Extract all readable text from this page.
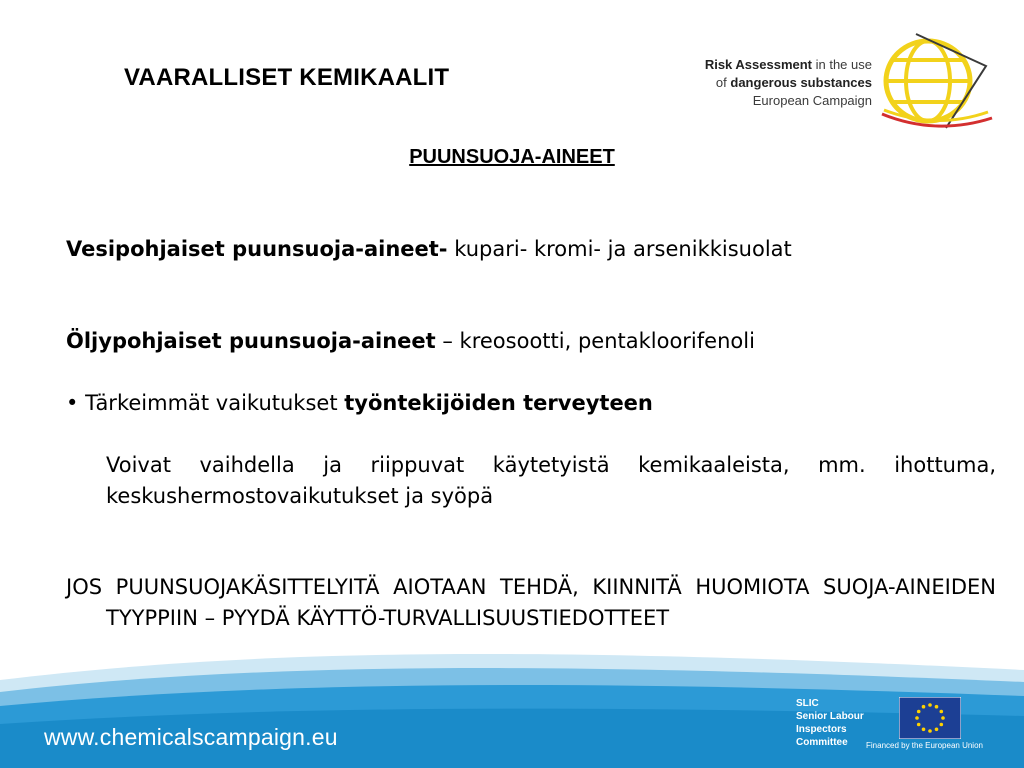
VAARALLISET KEMIKAALIT	Risk Assessment in the use
of dangerous substances
European Campaign
PUUNSUOJA-AINEET
Vesipohjaiset puunsuoja-aineet- kupari- kromi- ja arsenikkisuolat
Öljypohjaiset puunsuoja-aineet – kreosootti, pentakloorifenoli
• Tärkeimmät vaikutukset työntekijöiden terveyteen
Voivat vaihdella ja riippuvat käytetyistä kemikaaleista, mm. ihottuma, keskushermostovaikutukset ja syöpä
JOS PUUNSUOJAKÄSITTELYITÄ AIOTAAN TEHDÄ, KIINNITÄ HUOMIOTA SUOJA-AINEIDEN TYYPPIIN – PYYDÄ KÄYTTÖ-TURVALLISUUSTIEDOTTEET
www.chemicalscampaign.eu
SLIC
Senior Labour
Inspectors
Committee	Financed by the European Union
